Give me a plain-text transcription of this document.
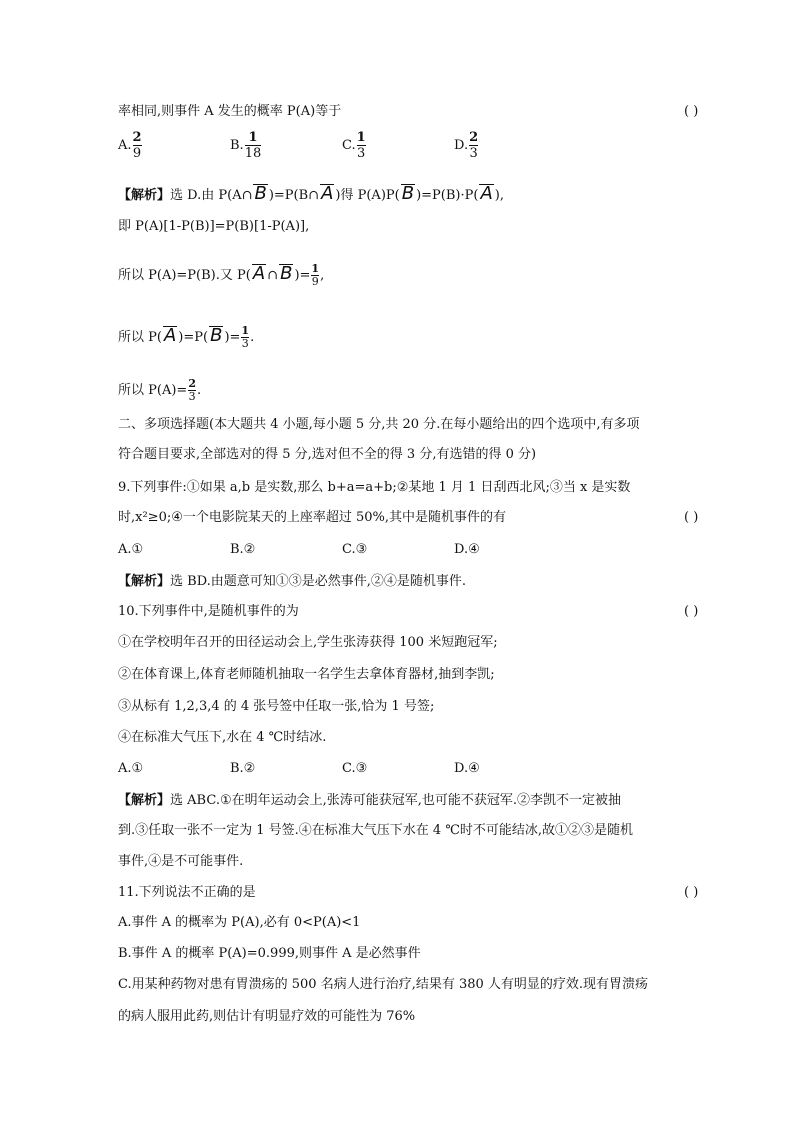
率相同,则事件 A 发生的概率 P(A)等于	( )
A. $\frac{2}{9}$	B. $\frac{1}{18}$	C. $\frac{1}{3}$	D. $\frac{2}{3}$
【解析】选 D.由 P(A∩ B )=P(B∩ A )得 P(A)P( B )=P(B)·P( A ),
即 P(A)[1-P(B)]=P(B)[1-P(A)],
所以 P(A)=P(B).又 P( A ∩ B )= $\frac{1}{9}$ ,
所以 P( A )=P( B )= $\frac{1}{3}$ .
所以 $P(A)= \frac{2}{3}$ .
二、多项选择题(本大题共 4 小题,每小题 5 分,共 20 分.在每小题给出的四个选项中,有多项
符合题目要求,全部选对的得 5 分,选对但不全的得 3 分,有选错的得 0 分)
9.下列事件:①如果 a,b 是实数,那么 b+a=a+b;②某地 1 月 1 日刮西北风;③当 x 是实数
时,x²≥0;④一个电影院某天的上座率超过 50%,其中是随机事件的有	( )
A.①	B.②	C.③	D.④
【解析】选 BD.由题意可知①③是必然事件,②④是随机事件.
10.下列事件中,是随机事件的为	( )
①在学校明年召开的田径运动会上,学生张涛获得 100 米短跑冠军;
②在体育课上,体育老师随机抽取一名学生去拿体育器材,抽到李凯;
③从标有 1,2,3,4 的 4 张号签中任取一张,恰为 1 号签;
④在标准大气压下,水在 4 ℃时结冰.
A.①	B.②	C.③	D.④
【解析】选 ABC.①在明年运动会上,张涛可能获冠军,也可能不获冠军.②李凯不一定被抽
到.③任取一张不一定为 1 号签.④在标准大气压下水在 4 ℃时不可能结冰,故①②③是随机
事件,④是不可能事件.
11.下列说法不正确的是	( )
A.事件 A 的概率为 P(A),必有 0<P(A)<1
B.事件 A 的概率 P(A)=0.999,则事件 A 是必然事件
C.用某种药物对患有胃溃疡的 500 名病人进行治疗,结果有 380 人有明显的疗效.现有胃溃疡
的病人服用此药,则估计有明显疗效的可能性为 76%
